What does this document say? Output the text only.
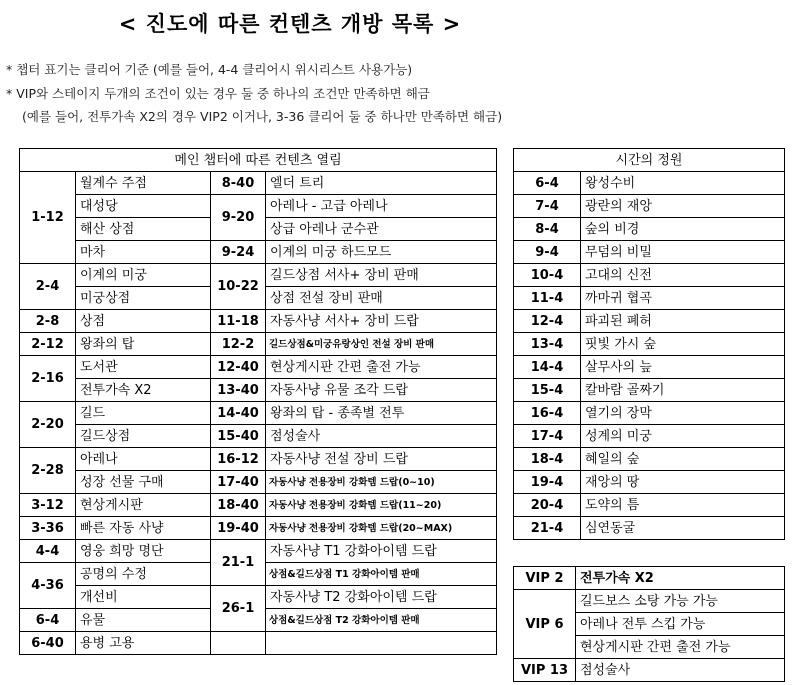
< 진도에 따른 컨텐츠 개방 목록 >
* 챕터 표기는 클리어 기준 (예를 들어, 4-4 클리어시 위시리스트 사용가능)
* VIP와 스테이지 두개의 조건이 있는 경우 둘 중 하나의 조건만 만족하면 해금
(예를 들어, 전투가속 X2의 경우 VIP2 이거나, 3-36 클리어 둘 중 하나만 만족하면 해금)
메인 챕터에 따른 컨텐츠 열림			
1-12	월계수 주점	8-40	엘더 트리
	대성당	9-20	아레나 - 고급 아레나
	해산 상점		상급 아레나 군수관
	마차	9-24	이계의 미궁 하드모드
2-4	이계의 미궁	10-22	길드상점 서사+ 장비 판매
	미궁상점		상점 전설 장비 판매
2-8	상점	11-18	자동사냥 서사+ 장비 드랍
2-12	왕좌의 탑	12-2	길드상점&미궁유랑상인 전설 장비 판매
2-16	도서관	12-40	현상게시판 간편 출전 가능
	전투가속 X2	13-40	자동사냥 유물 조각 드랍
2-20	길드	14-40	왕좌의 탑 - 종족별 전투
	길드상점	15-40	점성술사
2-28	아레나	16-12	자동사냥 전설 장비 드랍
	성장 선물 구매	17-40	자동사냥 전용장비 강화템 드랍(0~10)
3-12	현상게시판	18-40	자동사냥 전용장비 강화템 드랍(11~20)
3-36	빠른 자동 사냥	19-40	자동사냥 전용장비 강화템 드랍(20~MAX)
4-4	영웅 희망 명단	21-1	자동사냥 T1 강화아이템 드랍
4-36	공명의 수정		상점&길드상점 T1 강화아이템 판매
	개선비	26-1	자동사냥 T2 강화아이템 드랍
6-4	유물		상점&길드상점 T2 강화아이템 판매
6-40	용병 고용		
시간의 정원	
6-4	왕성수비
7-4	광란의 재앙
8-4	숲의 비경
9-4	무덤의 비밀
10-4	고대의 신전
11-4	까마귀 협곡
12-4	파괴된 폐허
13-4	핏빛 가시 숲
14-4	살무사의 늪
15-4	칼바람 골짜기
16-4	열기의 장막
17-4	성계의 미궁
18-4	혜일의 숲
19-4	재앙의 땅
20-4	도약의 틈
21-4	심연동굴
VIP 2	전투가속 X2
VIP 6	길드보스 소탕 가능 가능
	아레나 전투 스킵 가능
	현상게시판 간편 출전 가능
VIP 13	점성술사
